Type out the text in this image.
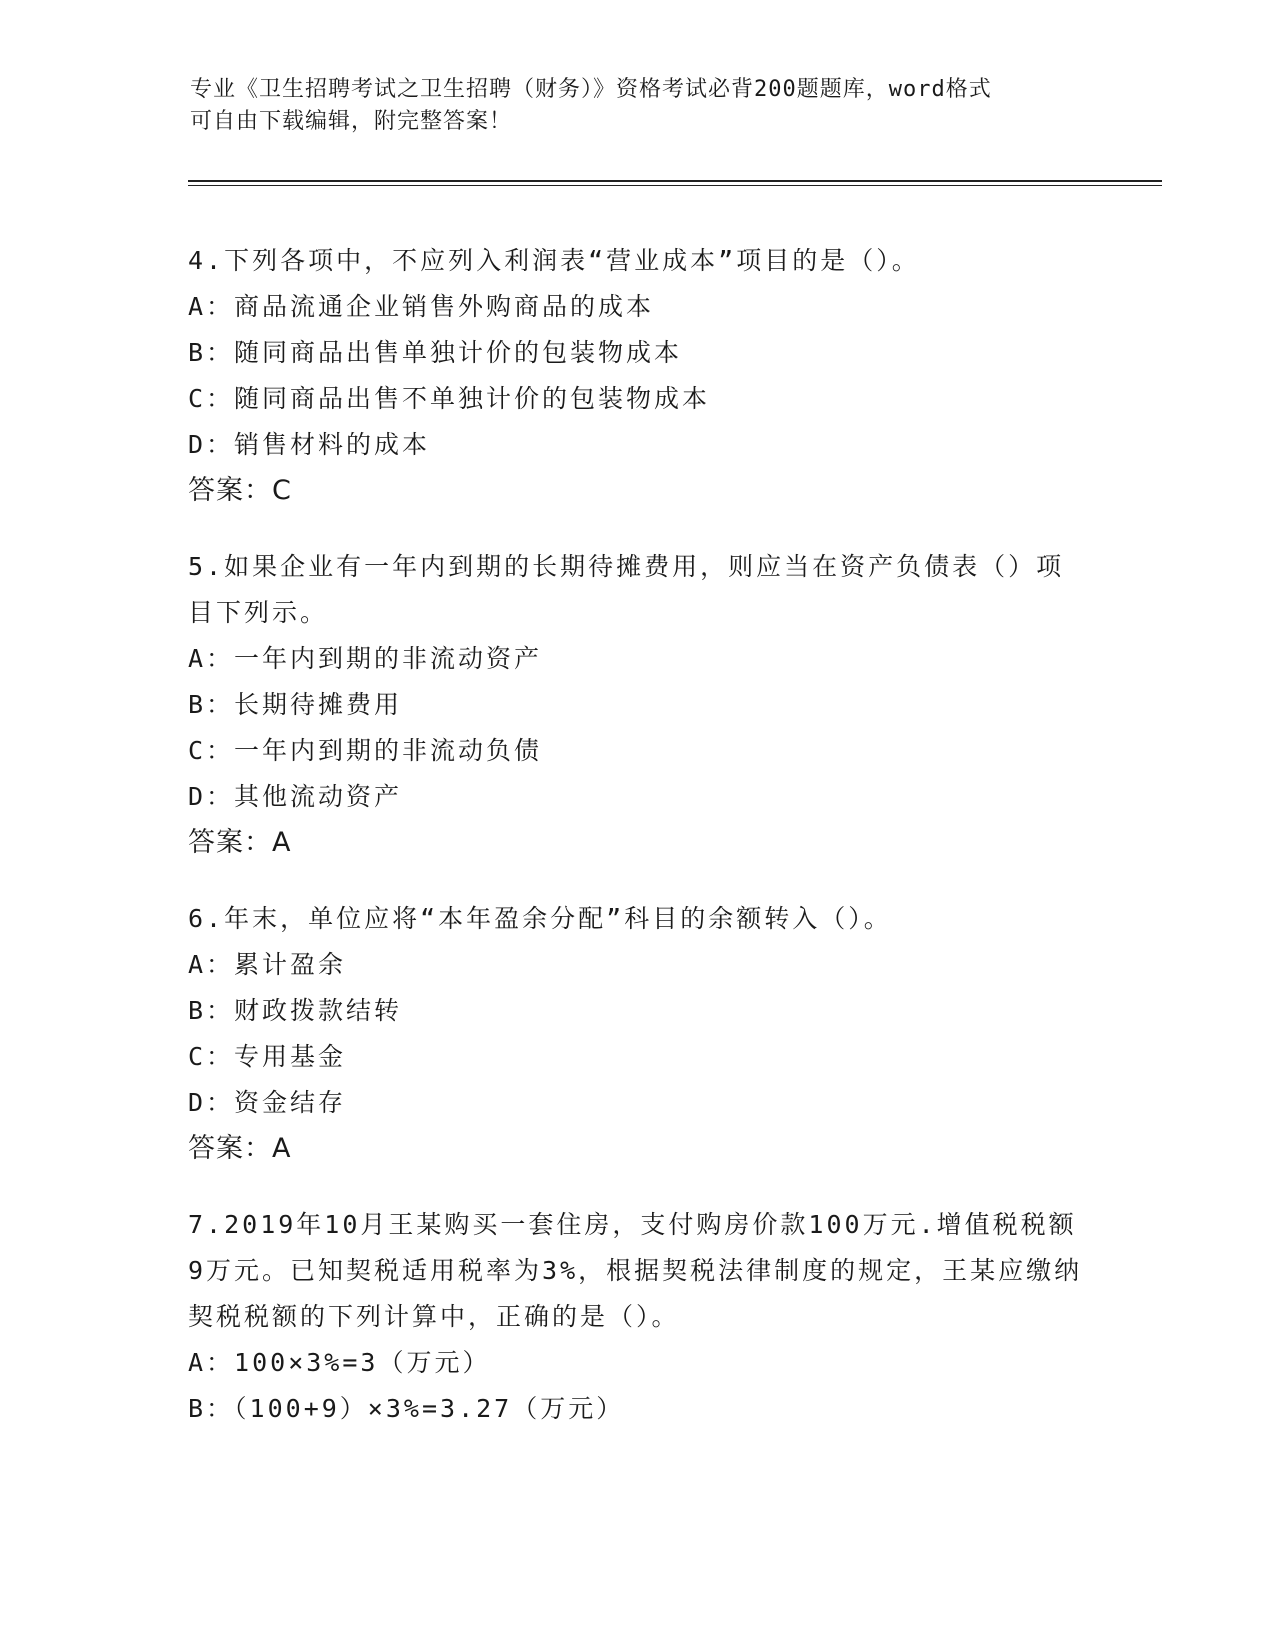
专业《卫生招聘考试之卫生招聘（财务）》资格考试必背200题题库，word格式
可自由下载编辑，附完整答案！
4.下列各项中，不应列入利润表“营业成本”项目的是（）。
A：商品流通企业销售外购商品的成本
B：随同商品出售单独计价的包装物成本
C：随同商品出售不单独计价的包装物成本
D：销售材料的成本
答案：C
5.如果企业有一年内到期的长期待摊费用，则应当在资产负债表（）项目下列示。
A：一年内到期的非流动资产
B：长期待摊费用
C：一年内到期的非流动负债
D：其他流动资产
答案：A
6.年末，单位应将“本年盈余分配”科目的余额转入（）。
A：累计盈余
B：财政拨款结转
C：专用基金
D：资金结存
答案：A
7.2019年10月王某购买一套住房，支付购房价款100万元.增值税税额9万元。已知契税适用税率为3%，根据契税法律制度的规定，王某应缴纳契税税额的下列计算中，正确的是（）。
A：100×3%=3（万元）
B：（100+9）×3%=3.27（万元）
